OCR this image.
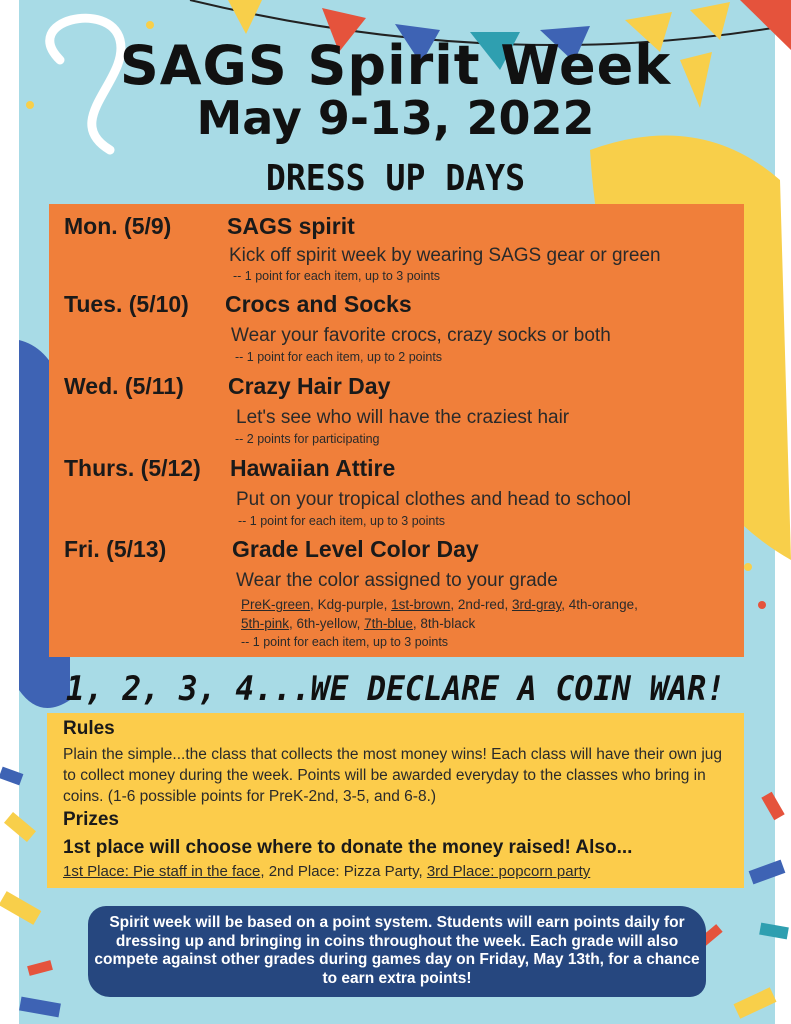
SAGS Spirit Week
May 9-13, 2022
DRESS UP DAYS
Mon. (5/9) SAGS spirit
Kick off spirit week by wearing SAGS gear or green
-- 1 point for each item, up to 3 points
Tues. (5/10) Crocs and Socks
Wear your favorite crocs, crazy socks or both
-- 1 point for each item, up to 2 points
Wed. (5/11) Crazy Hair Day
Let's see who will have the craziest hair
-- 2 points for participating
Thurs. (5/12) Hawaiian Attire
Put on your tropical clothes and head to school
-- 1 point for each item, up to 3 points
Fri. (5/13)	Grade Level Color Day
Wear the color assigned to your grade
PreK-green, Kdg-purple, 1st-brown, 2nd-red, 3rd-gray, 4th-orange,
5th-pink, 6th-yellow, 7th-blue, 8th-black
-- 1 point for each item, up to 3 points
1, 2, 3, 4...WE DECLARE A COIN WAR!
Rules
Plain the simple...the class that collects the most money wins! Each class will have their own jug to collect money during the week. Points will be awarded everyday to the classes who bring in coins. (1-6 possible points for PreK-2nd, 3-5, and 6-8.)
Prizes
1st place will choose where to donate the money raised! Also...
1st Place: Pie staff in the face, 2nd Place: Pizza Party, 3rd Place: popcorn party
Spirit week will be based on a point system. Students will earn points daily for dressing up and bringing in coins throughout the week. Each grade will also compete against other grades during games day on Friday, May 13th, for a chance to earn extra points!
